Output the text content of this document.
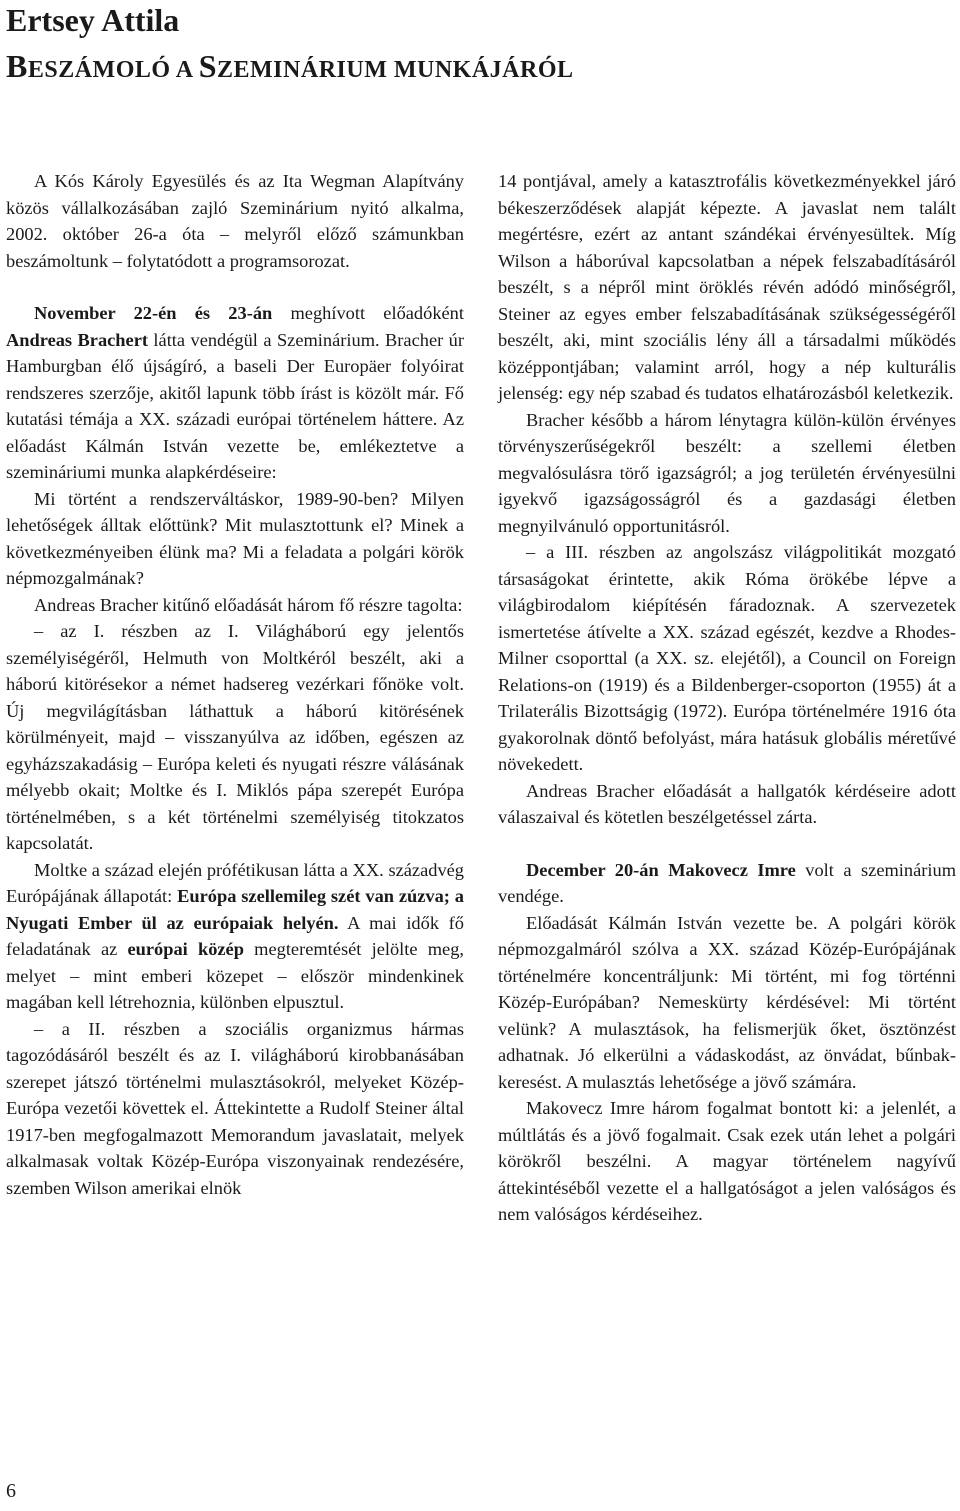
Ertsey Attila
BESZÁMOLÓ A SZEMINÁRIUM MUNKÁJÁRÓL

A Kós Károly Egyesülés és az Ita Wegman Alapítvány közös vállalkozásában zajló Szeminárium nyitó alkalma, 2002. október 26-a óta – melyről előző számunkban beszámoltunk – folytatódott a programsorozat.

November 22-én és 23-án meghívott előadóként Andreas Brachert látta vendégül a Szeminárium. Bracher úr Hamburgban élő újságíró, a baseli Der Europäer folyóirat rendszeres szerzője, akitől lapunk több írást is közölt már. Fő kutatási témája a XX. századi európai történelem háttere. Az előadást Kálmán István vezette be, emlékeztetve a szemináriumi munka alapkérdéseire:

Mi történt a rendszerváltáskor, 1989-90-ben? Milyen lehetőségek álltak előttünk? Mit mulasztottunk el? Minek a következményeiben élünk ma? Mi a feladata a polgári körök népmozgalmának?

Andreas Bracher kitűnő előadását három fő részre tagolta:

– az I. részben az I. Világháború egy jelentős személyiségéről, Helmuth von Moltkéról beszélt, aki a háború kitörésekor a német hadsereg vezérkari főnöke volt. Új megvilágításban láthattuk a háború kitörésének körülményeit, majd – visszanyúlva az időben, egészen az egyházszakadásig – Európa keleti és nyugati részre válásának mélyebb okait; Moltke és I. Miklós pápa szerepét Európa történelmében, s a két történelmi személyiség titokzatos kapcsolatát.

Moltke a század elején prófétikusan látta a XX. századvég Európájának állapotát: Európa szellemileg szét van zúzva; a Nyugati Ember ül az európaiak helyén. A mai idők fő feladatának az európai közép megteremtését jelölte meg, melyet – mint emberi közepet – először mindenkinek magában kell létrehoznia, különben elpusztul.

– a II. részben a szociális organizmus hármas tagozódásáról beszélt és az I. világháború kirobbanásában szerepet játszó történelmi mulasztásokról, melyeket Közép-Európa vezetői követtek el. Áttekintette a Rudolf Steiner által 1917-ben megfogalmazott Memorandum javaslatait, melyek alkalmasak voltak Közép-Európa viszonyainak rendezésére, szemben Wilson amerikai elnök

14 pontjával, amely a katasztrofális következményekkel járó békeszerződések alapját képezte. A javaslat nem talált megértésre, ezért az antant szándékai érvényesültek. Míg Wilson a háborúval kapcsolatban a népek felszabadításáról beszélt, s a népről mint öröklés révén adódó minőségről, Steiner az egyes ember felszabadításának szükségességéről beszélt, aki, mint szociális lény áll a társadalmi működés középpontjában; valamint arról, hogy a nép kulturális jelenség: egy nép szabad és tudatos elhatározásból keletkezik.

Bracher később a három lénytagra külön-külön érvényes törvényszerűségekről beszélt: a szellemi életben megvalósulásra törő igazságról; a jog területén érvényesülni igyekvő igazságosságról és a gazdasági életben megnyilvánuló opportunitásról.

– a III. részben az angolszász világpolitikát mozgató társaságokat érintette, akik Róma örökébe lépve a világbirodalom kiépítésén fáradoznak. A szervezetek ismertetése átívelte a XX. század egészét, kezdve a Rhodes-Milner csoporttal (a XX. sz. elejétől), a Council on Foreign Relations-on (1919) és a Bildenberger-csoporton (1955) át a Trilaterális Bizottságig (1972). Európa történelmére 1916 óta gyakorolnak döntő befolyást, mára hatásuk globális méretűvé növekedett.

Andreas Bracher előadását a hallgatók kérdéseire adott válaszaival és kötetlen beszélgetéssel zárta.

December 20-án Makovecz Imre volt a szeminárium vendége.

Előadását Kálmán István vezette be. A polgári körök népmozgalmáról szólva a XX. század Közép-Európájának történelmére koncentráljunk: Mi történt, mi fog történni Közép-Európában? Nemeskürty kérdésével: Mi történt velünk? A mulasztások, ha felismerjük őket, ösztönzést adhatnak. Jó elkerülni a vádaskodást, az önvádat, bűnbak-keresést. A mulasztás lehetősége a jövő számára.

Makovecz Imre három fogalmat bontott ki: a jelenlét, a múltlátás és a jövő fogalmait. Csak ezek után lehet a polgári körökről beszélni. A magyar történelem nagyívű áttekintéséből vezette el a hallgatóságot a jelen valóságos és nem valóságos kérdéseihez.

6
